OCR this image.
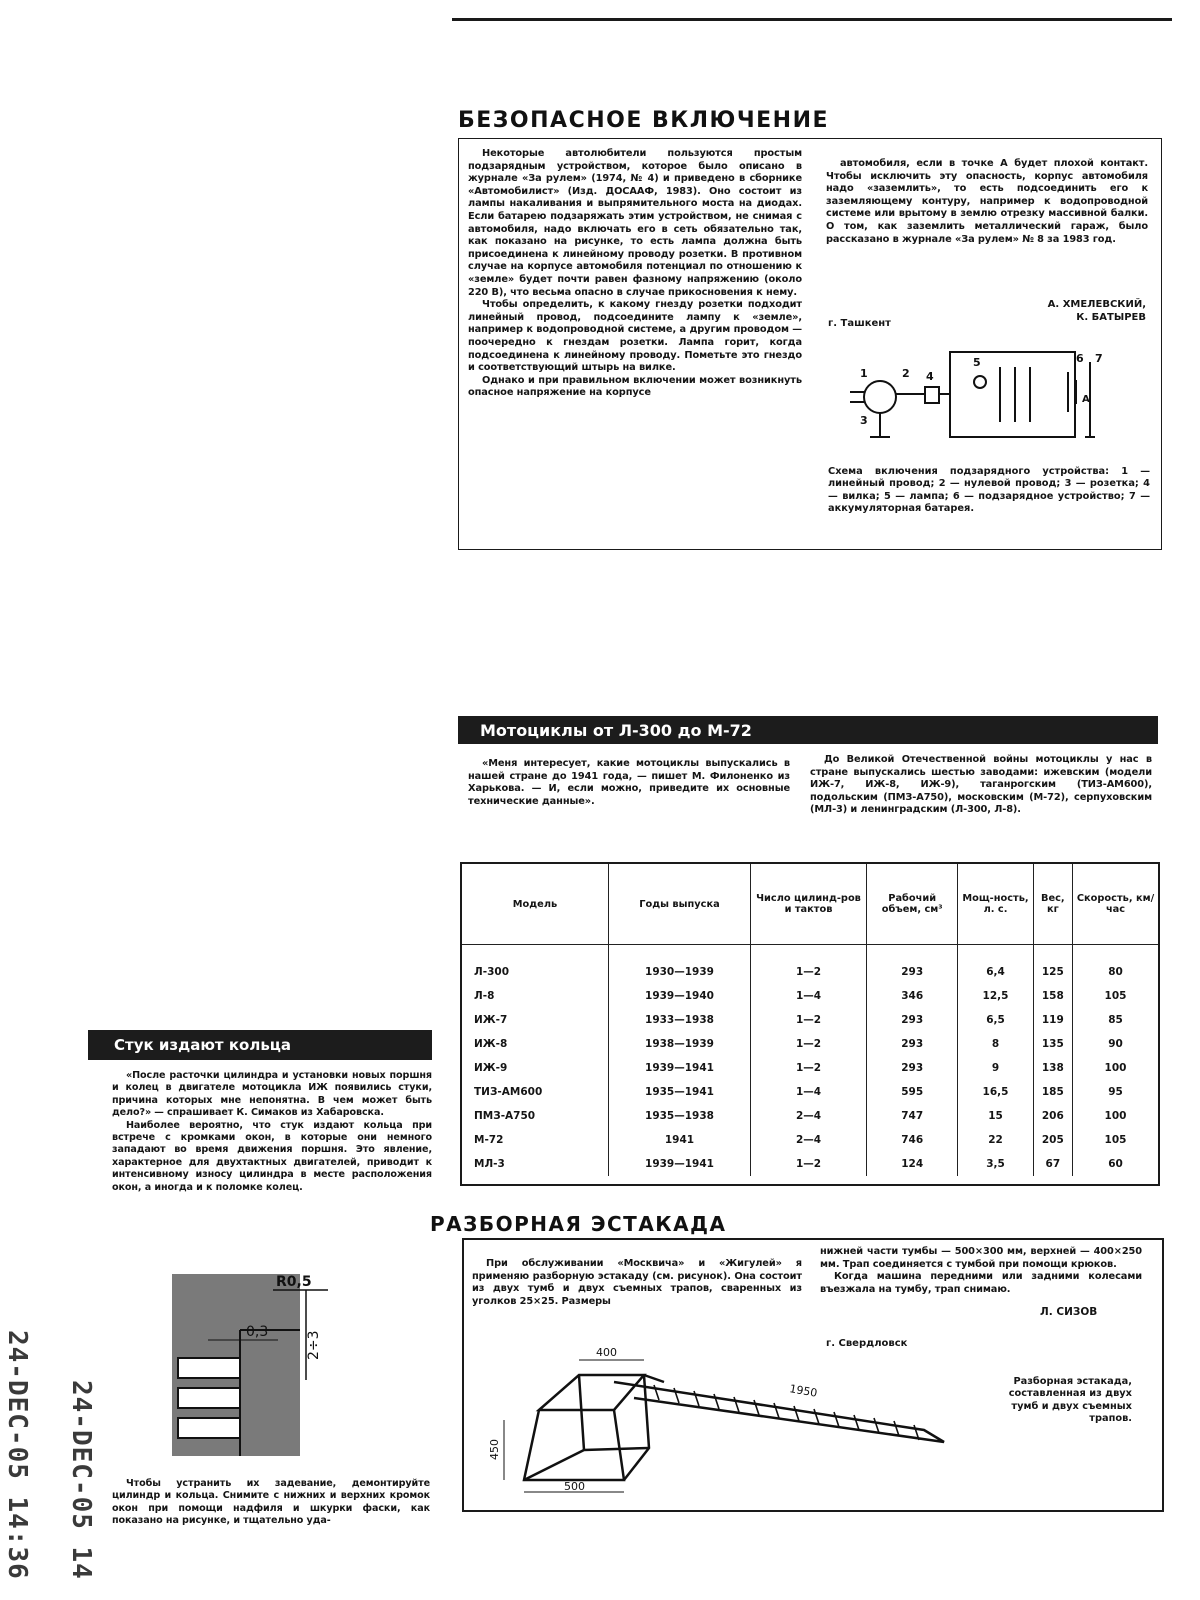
БЕЗОПАСНОЕ ВКЛЮЧЕНИЕ

Некоторые автолюбители пользуются простым подзарядным устройством, которое было описано в журнале «За рулем» (1974, № 4) и приведено в сборнике «Автомобилист» (Изд. ДОСААФ, 1983). Оно состоит из лампы накаливания и выпрямительного моста на диодах. Если батарею подзаряжать этим устройством, не снимая с автомобиля, надо включать его в сеть обязательно так, как показано на рисунке, то есть лампа должна быть присоединена к линейному проводу розетки. В противном случае на корпусе автомобиля потенциал по отношению к «земле» будет почти равен фазному напряжению (около 220 В), что весьма опасно в случае прикосновения к нему.

Чтобы определить, к какому гнезду розетки подходит линейный провод, подсоедините лампу к «земле», например к водопроводной системе, а другим проводом — поочередно к гнездам розетки. Лампа горит, когда подсоединена к линейному проводу. Пометьте это гнездо и соответствующий штырь на вилке.

Однако и при правильном включении может возникнуть опасное напряжение на корпусе

автомобиля, если в точке А будет плохой контакт. Чтобы исключить эту опасность, корпус автомобиля надо «заземлить», то есть подсоединить его к заземляющему контуру, например к водопроводной системе или врытому в землю отрезку массивной балки. О том, как заземлить металлический гараж, было рассказано в журнале «За рулем» № 8 за 1983 год.

А. ХМЕЛЕВСКИЙ,
К. БАТЫРЕВ
г. Ташкент
1	2
3
4
5	6 7
А
Схема включения подзарядного устройства: 1 — линейный провод; 2 — нулевой провод; 3 — розетка; 4 — вилка; 5 — лампа; 6 — подзарядное устройство; 7 — аккумуляторная батарея.
Мотоциклы от Л-300 до М-72
«Меня интересует, какие мотоциклы выпускались в нашей стране до 1941 года, — пишет М. Филоненко из Харькова. — И, если можно, приведите их основные технические данные».
До Великой Отечественной войны мотоциклы у нас в стране выпускались шестью заводами: ижевским (модели ИЖ-7, ИЖ-8, ИЖ-9), таганрогским (ТИЗ-АМ600), подольским (ПМЗ-А750), московским (М-72), серпуховским (МЛ-3) и ленинградским (Л-300, Л-8).
Модель	Годы выпуска	Число цилинд-ров и тактов	Рабочий объем, см³	Мощ-ность, л. с.	Вес, кг	Скорость, км/час
Л-300	1930—1939	1—2	293	6,4	125	80
Л-8	1939—1940	1—4	346	12,5	158	105
ИЖ-7	1933—1938	1—2	293	6,5	119	85
ИЖ-8	1938—1939	1—2	293	8	135	90
ИЖ-9	1939—1941	1—2	293	9	138	100
ТИЗ-АМ600	1935—1941	1—4	595	16,5	185	95
ПМЗ-А750	1935—1938	2—4	747	15	206	100
М-72	1941	2—4	746	22	205	105
МЛ-3	1939—1941	1—2	124	3,5	67	60
Стук издают кольца

«После расточки цилиндра и установки новых поршня и колец в двигателе мотоцикла ИЖ появились стуки, причина которых мне непонятна. В чем может быть дело?» — спрашивает К. Симаков из Хабаровска.

Наиболее вероятно, что стук издают кольца при встрече с кромками окон, в которые они немного западают во время движения поршня. Это явление, характерное для двухтактных двигателей, приводит к интенсивному износу цилиндра в месте расположения окон, а иногда и к поломке колец.

R0,5
0,3	2÷3
Чтобы устранить их задевание, демонтируйте цилиндр и кольца. Снимите с нижних и верхних кромок окон при помощи надфиля и шкурки фаски, как показано на рисунке, и тщательно уда-
РАЗБОРНАЯ ЭСТАКАДА
При обслуживании «Москвича» и «Жигулей» я применяю разборную эстакаду (см. рисунок). Она состоит из двух тумб и двух съемных трапов, сваренных из уголков 25×25. Размеры

нижней части тумбы — 500×300 мм, верхней — 400×250 мм. Трап соединяется с тумбой при помощи крюков.

Когда машина передними или задними колесами въезжала на тумбу, трап снимаю.

Л. СИЗОВ
г. Свердловск
400
1950
450
500
Разборная эстакада, составленная из двух тумб и двух съемных трапов.
24-DEC-05 14:36 24-DEC-05 14
